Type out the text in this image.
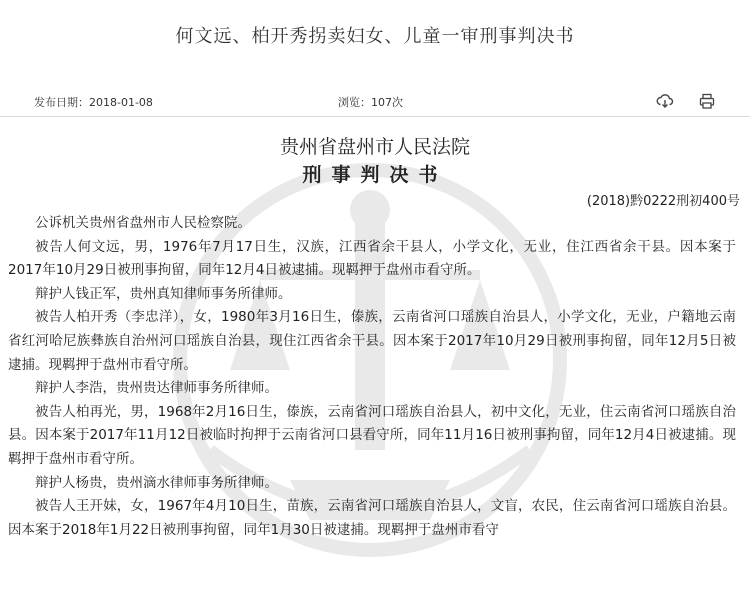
何文远、柏开秀拐卖妇女、儿童一审刑事判决书
发布日期：2018-01-08	浏览：107次
贵州省盘州市人民法院
刑事判决书
(2018)黔0222刑初400号

公诉机关贵州省盘州市人民检察院。

被告人何文远，男，1976年7月17日生，汉族，江西省余干县人，小学文化，无业，住江西省余干县。因本案于2017年10月29日被刑事拘留，同年12月4日被逮捕。现羁押于盘州市看守所。

辩护人钱正军，贵州真知律师事务所律师。

被告人柏开秀（李忠洋），女，1980年3月16日生，傣族，云南省河口瑶族自治县人，小学文化，无业，户籍地云南省红河哈尼族彝族自治州河口瑶族自治县，现住江西省余干县。因本案于2017年10月29日被刑事拘留，同年12月5日被逮捕。现羁押于盘州市看守所。

辩护人李浩，贵州贵达律师事务所律师。

被告人柏再光，男，1968年2月16日生，傣族，云南省河口瑶族自治县人，初中文化，无业，住云南省河口瑶族自治县。因本案于2017年11月12日被临时拘押于云南省河口县看守所，同年11月16日被刑事拘留，同年12月4日被逮捕。现羁押于盘州市看守所。

辩护人杨贵，贵州滴水律师事务所律师。

被告人王开妹，女，1967年4月10日生，苗族，云南省河口瑶族自治县人，文盲，农民，住云南省河口瑶族自治县。因本案于2018年1月22日被刑事拘留，同年1月30日被逮捕。现羁押于盘州市看守
